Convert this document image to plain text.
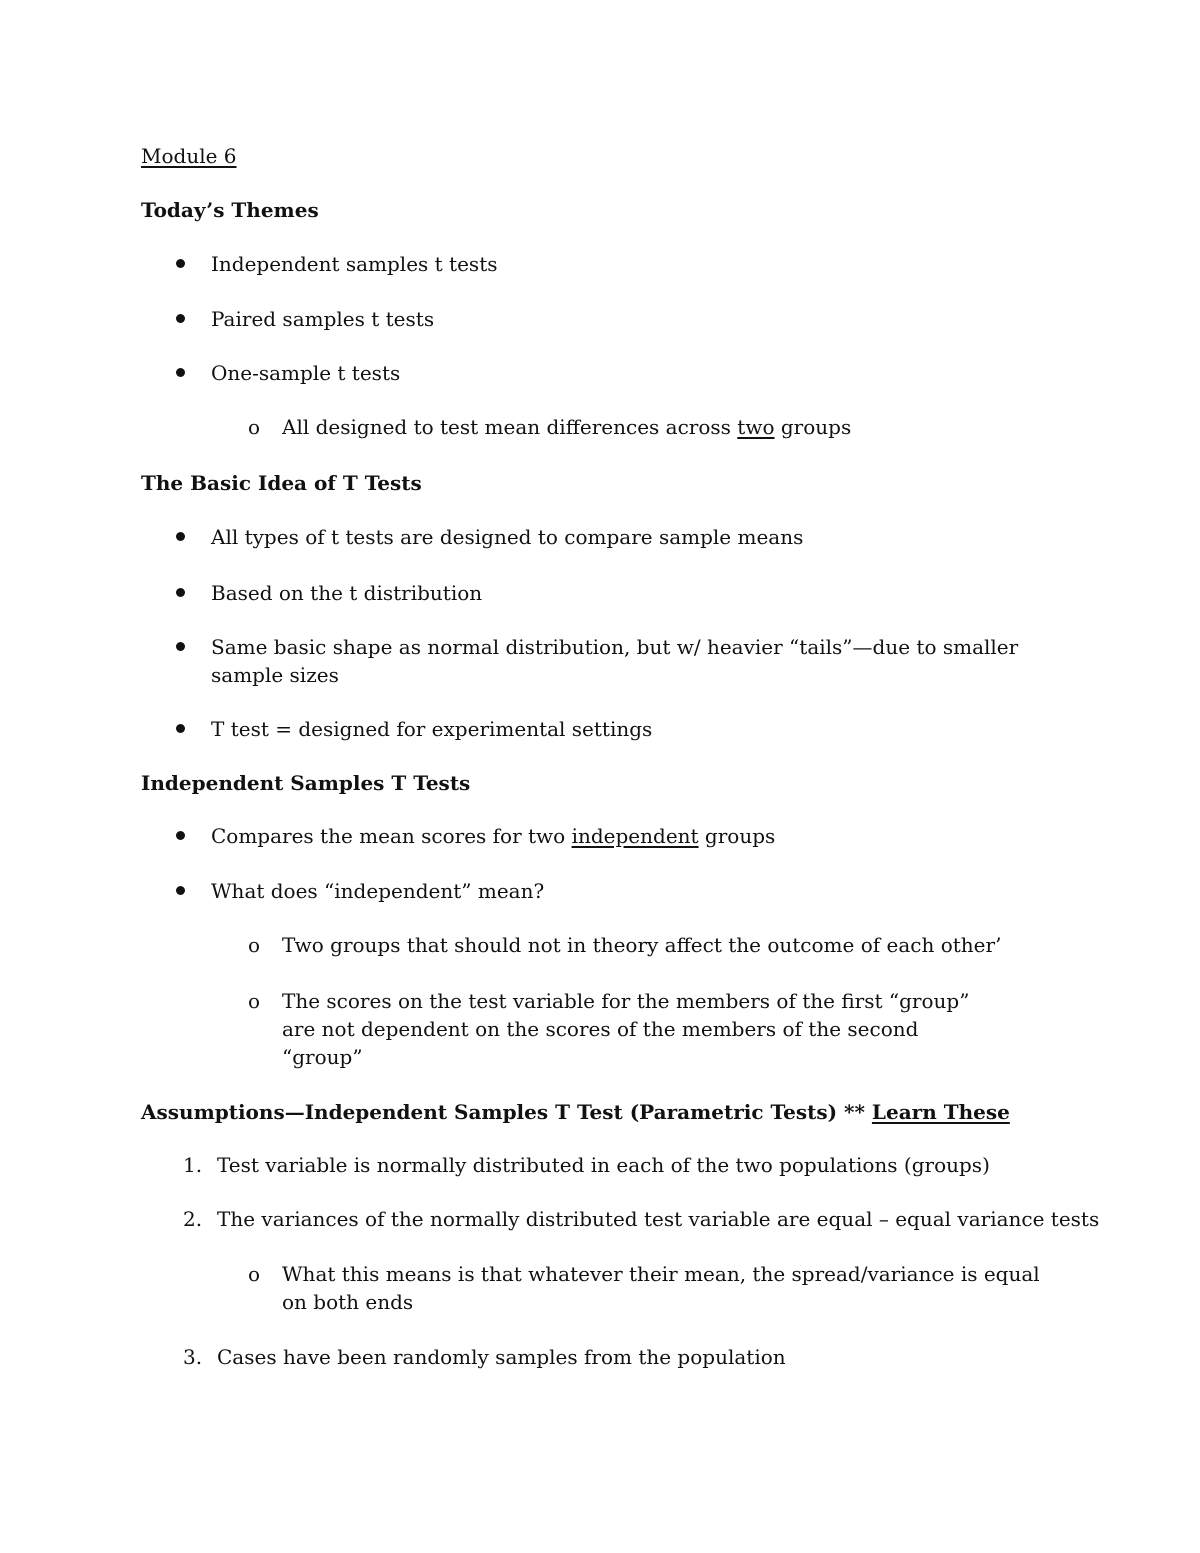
Module 6
Today’s Themes
Independent samples t tests
Paired samples t tests
One-sample t tests
o All designed to test mean differences across two groups
The Basic Idea of T Tests
All types of t tests are designed to compare sample means
Based on the t distribution
Same basic shape as normal distribution, but w/ heavier “tails”—due to smaller sample sizes
T test = designed for experimental settings
Independent Samples T Tests
Compares the mean scores for two independent groups
What does “independent” mean?
o Two groups that should not in theory affect the outcome of each other’
o The scores on the test variable for the members of the first “group” are not dependent on the scores of the members of the second “group”
Assumptions—Independent Samples T Test (Parametric Tests) ** Learn These
1. Test variable is normally distributed in each of the two populations (groups)
2. The variances of the normally distributed test variable are equal – equal variance tests
o What this means is that whatever their mean, the spread/variance is equal on both ends
3. Cases have been randomly samples from the population
